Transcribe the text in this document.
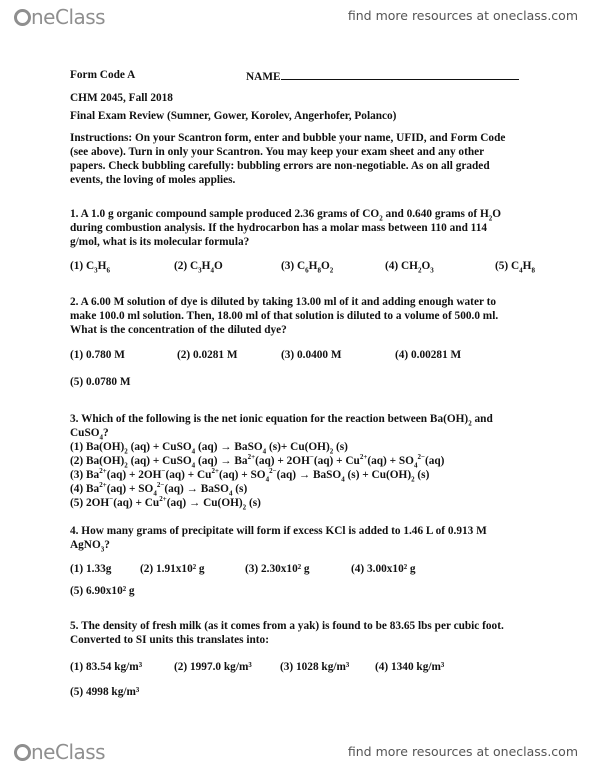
neClass	find more resources at oneclass.com
Form Code A	NAME
CHM 2045, Fall 2018
Final Exam Review (Sumner, Gower, Korolev, Angerhofer, Polanco)
Instructions: On your Scantron form, enter and bubble your name, UFID, and Form Code
(see above). Turn in only your Scantron. You may keep your exam sheet and any other
papers. Check bubbling carefully: bubbling errors are non-negotiable. As on all graded
events, the loving of moles applies.
1. A 1.0 g organic compound sample produced 2.36 grams of $CO_2$ and 0.640 grams of $H_2O$
during combustion analysis. If the hydrocarbon has a molar mass between 110 and 114
g/mol, what is its molecular formula?
(1) $C_3H_6$	(2) $C_3H_4O$	(3) $C_6H_8O_2$	(4) $CH_2O_3$	(5) $C_4H_8$
2. A 6.00 M solution of dye is diluted by taking 13.00 ml of it and adding enough water to
make 100.0 ml solution. Then, 18.00 ml of that solution is diluted to a volume of 500.0 ml.
What is the concentration of the diluted dye?
(1) 0.780 M	(2) 0.0281 M	(3) 0.0400 M	(4) 0.00281 M
(5) 0.0780 M
3. Which of the following is the net ionic equation for the reaction between $Ba(OH)_2$ and
CuSO$_4$?
(1) $Ba(OH)_2$ (aq) + CuSO$_4$ (aq) → BaSO$_4$ $(s)+ Cu(OH)_2$ (s)
(2) $Ba(OH)_2$ (aq) + CuSO$_4$ $(aq) \to Ba^{2+}(aq) + 2OH^-(aq) + Cu^{2+}(aq) + SO_4^{2-}(aq)$
(3) $Ba^{2+}(aq) + 2OH^-(aq) + Cu^{2+}(aq) + SO_4^{2-}(aq)$ → BaSO$_4$ $(s) + Cu(OH)_2$ (s)
(4) $Ba^{2+}(aq) + SO_4^{2-}(aq)$ → BaSO$_4$ (s)
(5) $2OH^-(aq) + Cu^{2+}(aq) \to Cu(OH)_2$ (s)
4. How many grams of precipitate will form if excess KCl is added to 1.46 L of 0.913 M
AgNO$_3$?
(1) 1.33g	(2) 1.91x10² g	(3) 2.30x10² g	(4) 3.00x10² g
(5) 6.90x10² g
5. The density of fresh milk (as it comes from a yak) is found to be 83.65 lbs per cubic foot.
Converted to SI units this translates into:
(1) 83.54 kg/m³	(2) 1997.0 kg/m³ (3) 1028 kg/m³ (4) 1340 kg/m³
(5) 4998 kg/m³
neClass	find more resources at oneclass.com
